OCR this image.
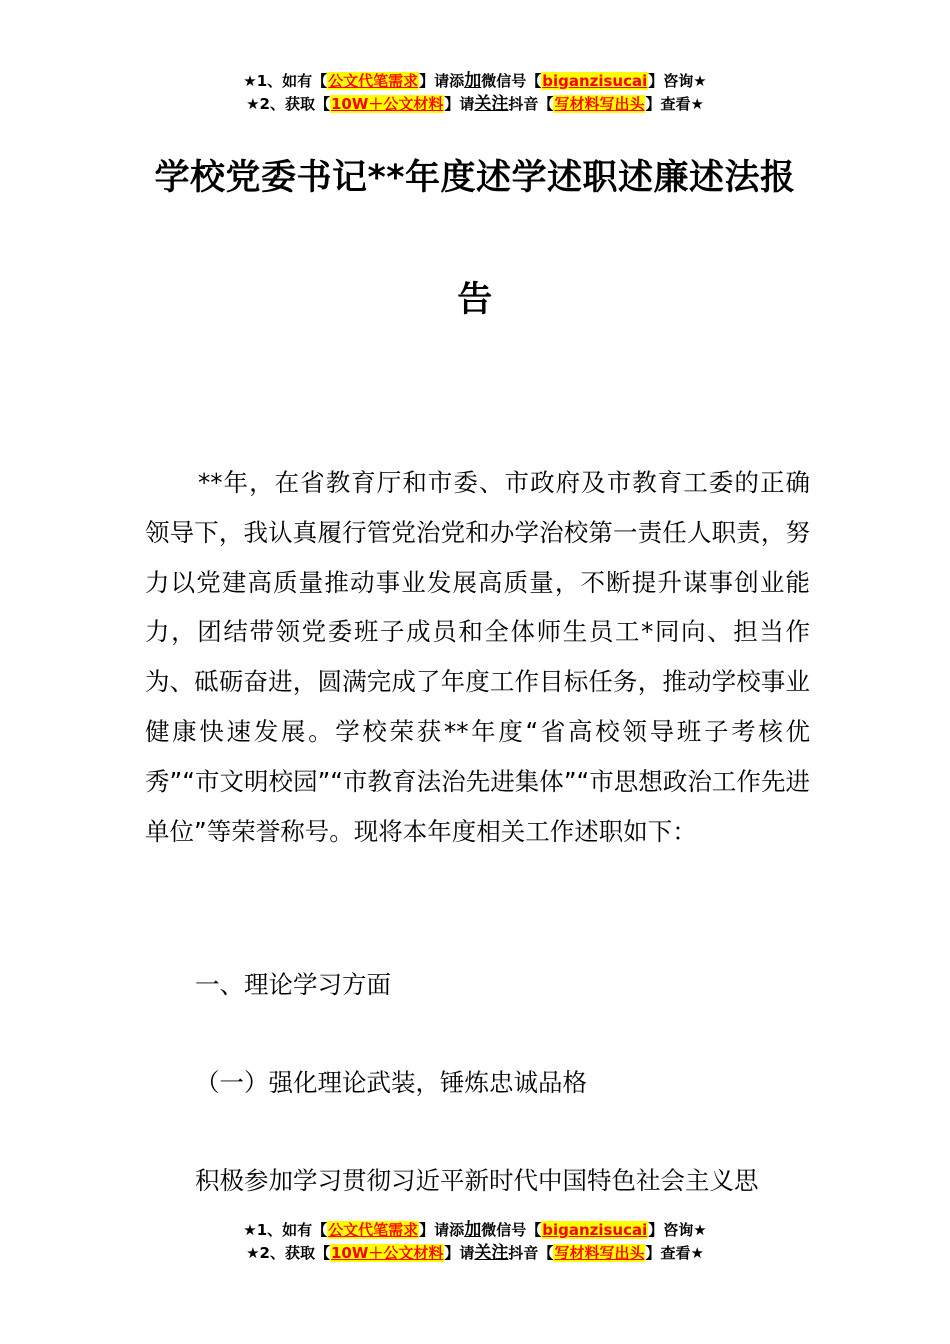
★1、如有【公文代笔需求】请添加微信号【biganzisucai】咨询★
★2、获取【10W＋公文材料】请关注抖音【写材料写出头】查看★
学校党委书记**年度述学述职述廉述法报
告

**年，在省教育厅和市委、市政府及市教育工委的正确领导下，我认真履行管党治党和办学治校第一责任人职责，努力以党建高质量推动事业发展高质量，不断提升谋事创业能力，团结带领党委班子成员和全体师生员工*同向、担当作为、砥砺奋进，圆满完成了年度工作目标任务，推动学校事业健康快速发展。学校荣获**年度“省高校领导班子考核优秀”“市文明校园”“市教育法治先进集体”“市思想政治工作先进单位”等荣誉称号。现将本年度相关工作述职如下：

一、理论学习方面

（一）强化理论武装，锤炼忠诚品格

积极参加学习贯彻习近平新时代中国特色社会主义思

★1、如有【公文代笔需求】请添加微信号【biganzisucai】咨询★
★2、获取【10W＋公文材料】请关注抖音【写材料写出头】查看★
